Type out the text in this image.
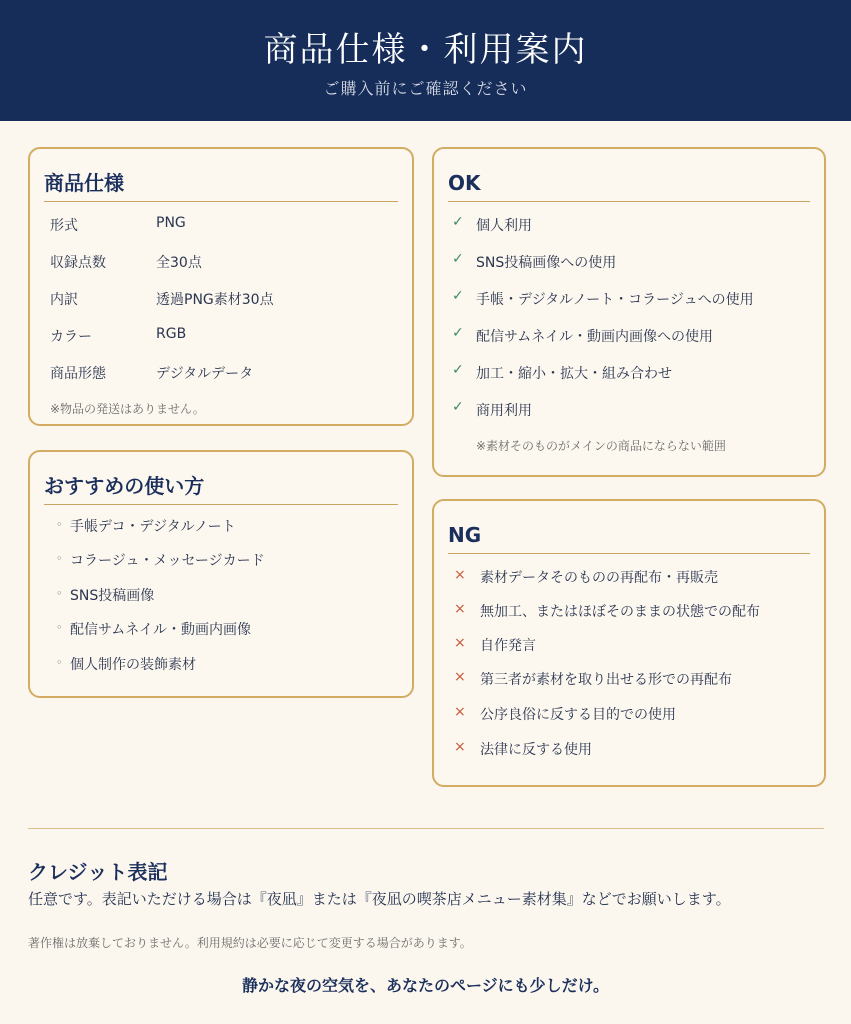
商品仕様・利用案内
ご購入前にご確認ください
商品仕様
形式	PNG
収録点数	全30点
内訳	透過PNG素材30点
カラー	RGB
商品形態	デジタルデータ
※物品の発送はありません。
おすすめの使い方
◦ 手帳デコ・デジタルノート
◦ コラージュ・メッセージカード
◦ SNS投稿画像
◦ 配信サムネイル・動画内画像
◦ 個人制作の装飾素材
OK
✓ 個人利用
✓ SNS投稿画像への使用
✓ 手帳・デジタルノート・コラージュへの使用
✓ 配信サムネイル・動画内画像への使用
✓ 加工・縮小・拡大・組み合わせ
✓ 商用利用
※素材そのものがメインの商品にならない範囲
NG
× 素材データそのものの再配布・再販売
× 無加工、またはほぼそのままの状態での配布
× 自作発言
× 第三者が素材を取り出せる形での再配布
× 公序良俗に反する目的での使用
× 法律に反する使用
クレジット表記
任意です。表記いただける場合は『夜凪』または『夜凪の喫茶店メニュー素材集』などでお願いします。
著作権は放棄しておりません。利用規約は必要に応じて変更する場合があります。
静かな夜の空気を、あなたのページにも少しだけ。
